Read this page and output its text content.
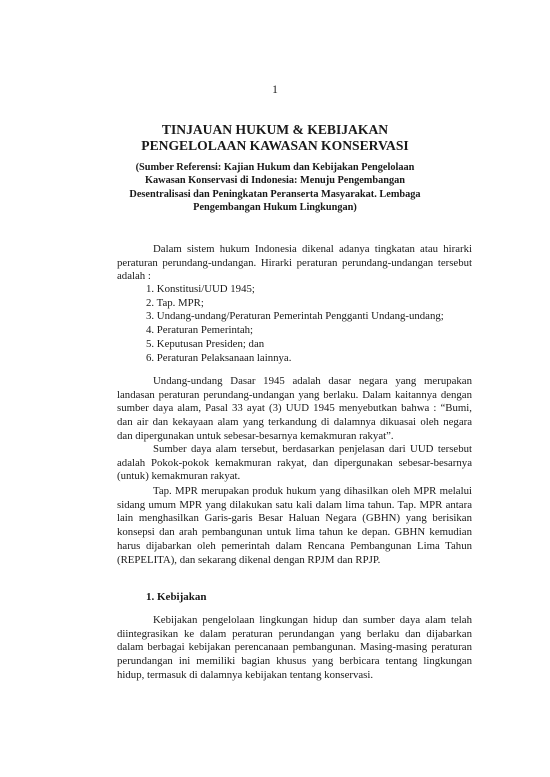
1
TINJAUAN HUKUM & KEBIJAKAN
PENGELOLAAN KAWASAN KONSERVASI
(Sumber Referensi: Kajian Hukum dan Kebijakan Pengelolaan Kawasan Konservasi di Indonesia: Menuju Pengembangan Desentralisasi dan Peningkatan Peranserta Masyarakat. Lembaga Pengembangan Hukum Lingkungan)

Dalam sistem hukum Indonesia dikenal adanya tingkatan atau hirarki peraturan perundang-undangan. Hirarki peraturan perundang-undangan tersebut adalah :

1. Konstitusi/UUD 1945;
2. Tap. MPR;
3. Undang-undang/Peraturan Pemerintah Pengganti Undang-undang;
4. Peraturan Pemerintah;
5. Keputusan Presiden; dan
6. Peraturan Pelaksanaan lainnya.

Undang-undang Dasar 1945 adalah dasar negara yang merupakan landasan peraturan perundang-undangan yang berlaku. Dalam kaitannya dengan sumber daya alam, Pasal 33 ayat (3) UUD 1945 menyebutkan bahwa : “Bumi, dan air dan kekayaan alam yang terkandung di dalamnya dikuasai oleh negara dan dipergunakan untuk sebesar-besarnya kemakmuran rakyat”.

Sumber daya alam tersebut, berdasarkan penjelasan dari UUD tersebut adalah Pokok-pokok kemakmuran rakyat, dan dipergunakan sebesar-besarnya (untuk) kemakmuran rakyat.

Tap. MPR merupakan produk hukum yang dihasilkan oleh MPR melalui sidang umum MPR yang dilakukan satu kali dalam lima tahun. Tap. MPR antara lain menghasilkan Garis-garis Besar Haluan Negara (GBHN) yang berisikan konsepsi dan arah pembangunan untuk lima tahun ke depan. GBHN kemudian harus dijabarkan oleh pemerintah dalam Rencana Pembangunan Lima Tahun (REPELITA), dan sekarang dikenal dengan RPJM dan RPJP.

1. Kebijakan

Kebijakan pengelolaan lingkungan hidup dan sumber daya alam telah diintegrasikan ke dalam peraturan perundangan yang berlaku dan dijabarkan dalam berbagai kebijakan perencanaan pembangunan. Masing-masing peraturan perundangan ini memiliki bagian khusus yang berbicara tentang lingkungan hidup, termasuk di dalamnya kebijakan tentang konservasi.
